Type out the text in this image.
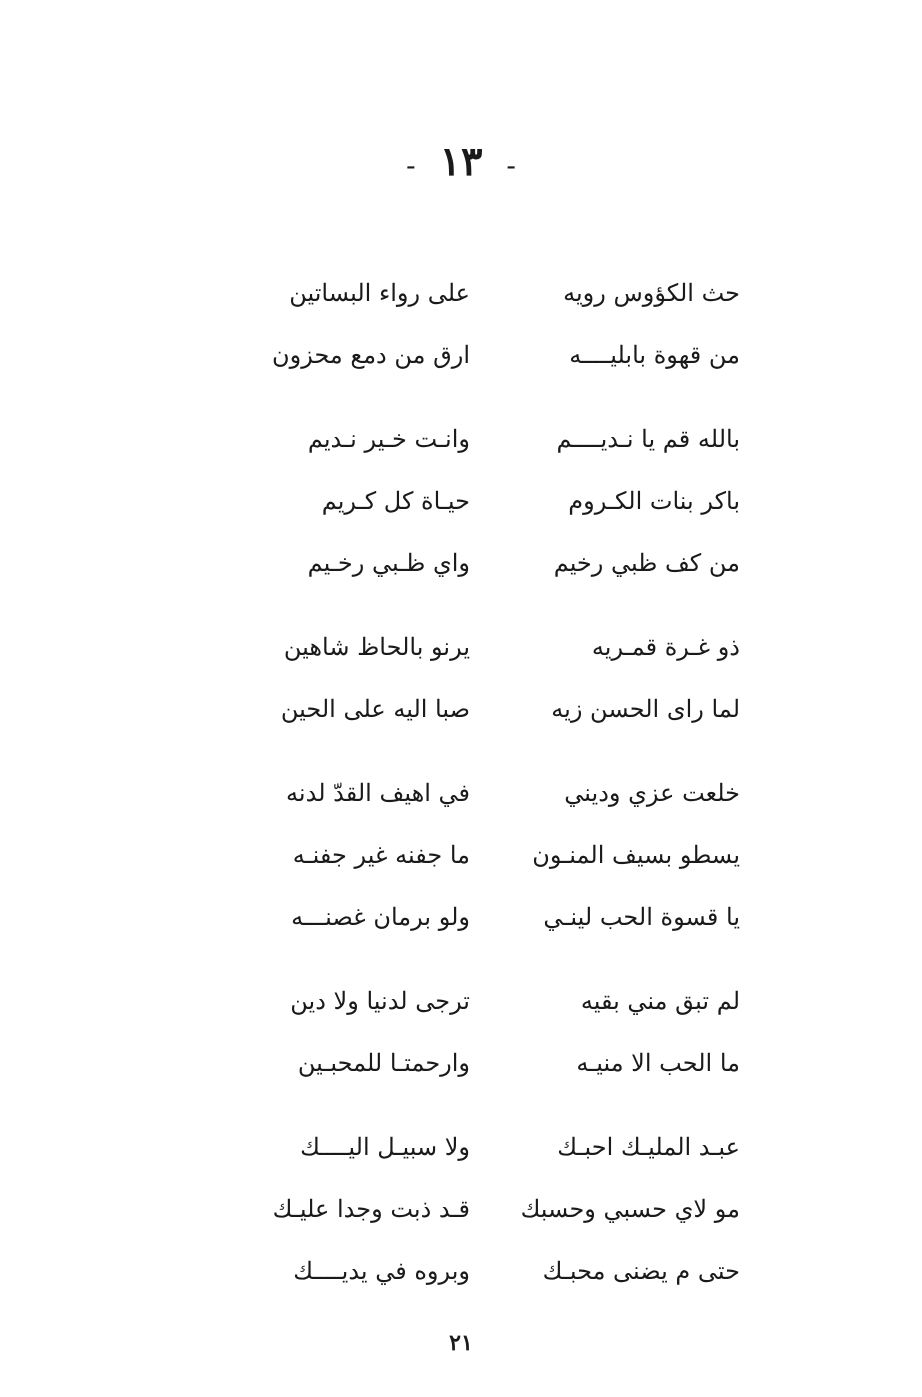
- ١٣ -
حث الكؤوس رويه
على رواء البساتين
من قهوة بابليــــه
ارق من دمع محزون
بالله قم يا نـديــــم
وانـت خـير نـديم
باكر بنات الكـروم
حيـاة كل كـريم
من كف ظبي رخيم
واي ظـبي رخـيم
ذو غـرة قمـريه
يرنو بالحاظ شاهين
لما راى الحسن زيه
صبا اليه على الحين
خلعت عزي وديني
في اهيف القدّ لدنه
يسطو بسيف المنـون
ما جفنه غير جفنـه
يا قسوة الحب لينـي
ولو برمان غصنـــه
لم تبق مني بقيه
ترجى لدنيا ولا دين
ما الحب الا منيـه
وارحمتـا للمحبـين
عبـد المليـك احبـك
ولا سبيـل اليــــك
مو لاي حسبي وحسبك
قـد ذبت وجدا عليـك
حتى م يضنى محبـك
وبروه في يديــــك
٢١
